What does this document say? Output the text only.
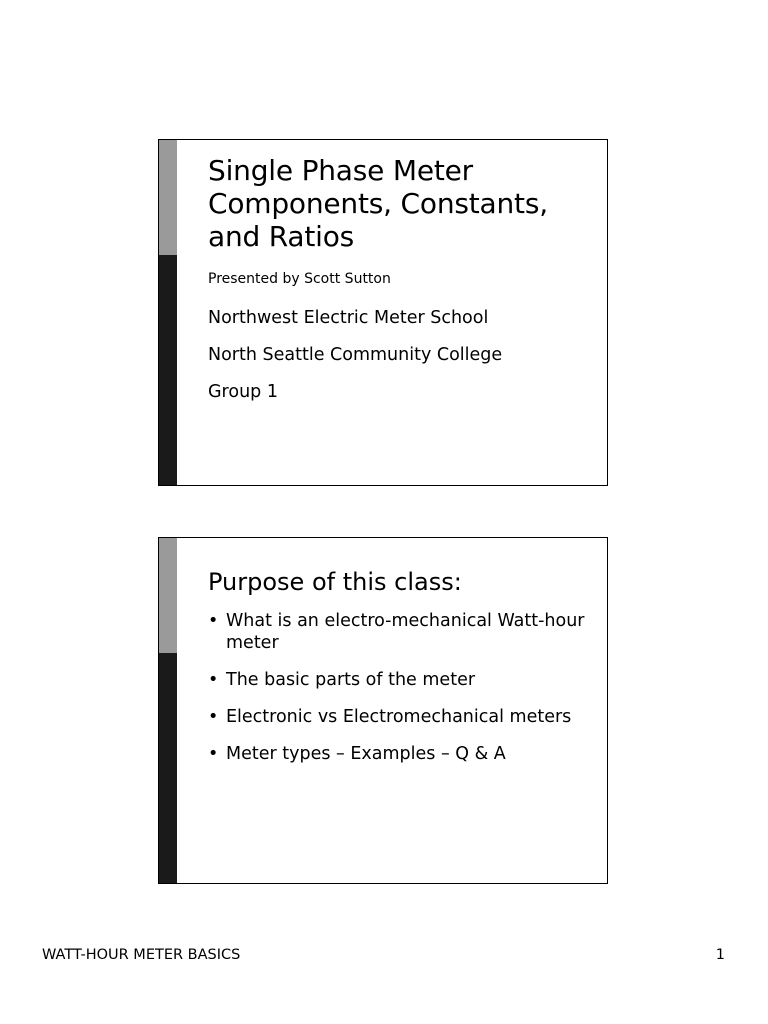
Single Phase Meter
Components, Constants,
and Ratios

Presented by Scott Sutton

Northwest Electric Meter School

North Seattle Community College

Group 1

Purpose of this class:
• What is an electro-mechanical Watt-hour
meter
• The basic parts of the meter
• Electronic vs Electromechanical meters
• Meter types – Examples – Q & A
WATT-HOUR METER BASICS	1
